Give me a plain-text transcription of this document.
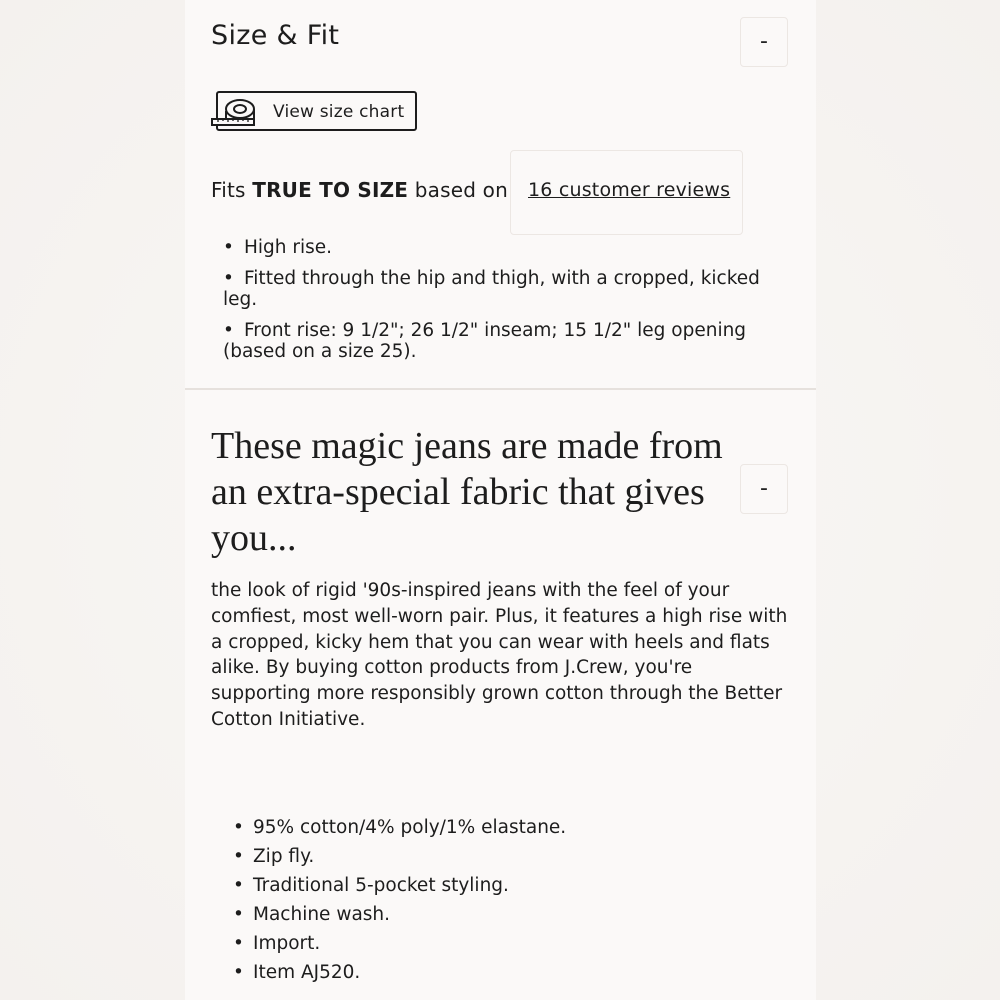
Size & Fit	-
View size chart
Fits TRUE TO SIZE based on 16 customer reviews
• High rise.
• Fitted through the hip and thigh, with a cropped, kicked
leg.
• Front rise: 9 1/2"; 26 1/2" inseam; 15 1/2" leg opening
(based on a size 25).
These magic jeans are made from an extra-special fabric that gives you...
-

the look of rigid '90s-inspired jeans with the feel of your comfiest, most well-worn pair. Plus, it features a high rise with a cropped, kicky hem that you can wear with heels and flats alike. By buying cotton products from J.Crew, you're supporting more responsibly grown cotton through the Better Cotton Initiative.

• 95% cotton/4% poly/1% elastane.
• Zip fly.
• Traditional 5-pocket styling.
• Machine wash.
• Import.
• Item AJ520.
